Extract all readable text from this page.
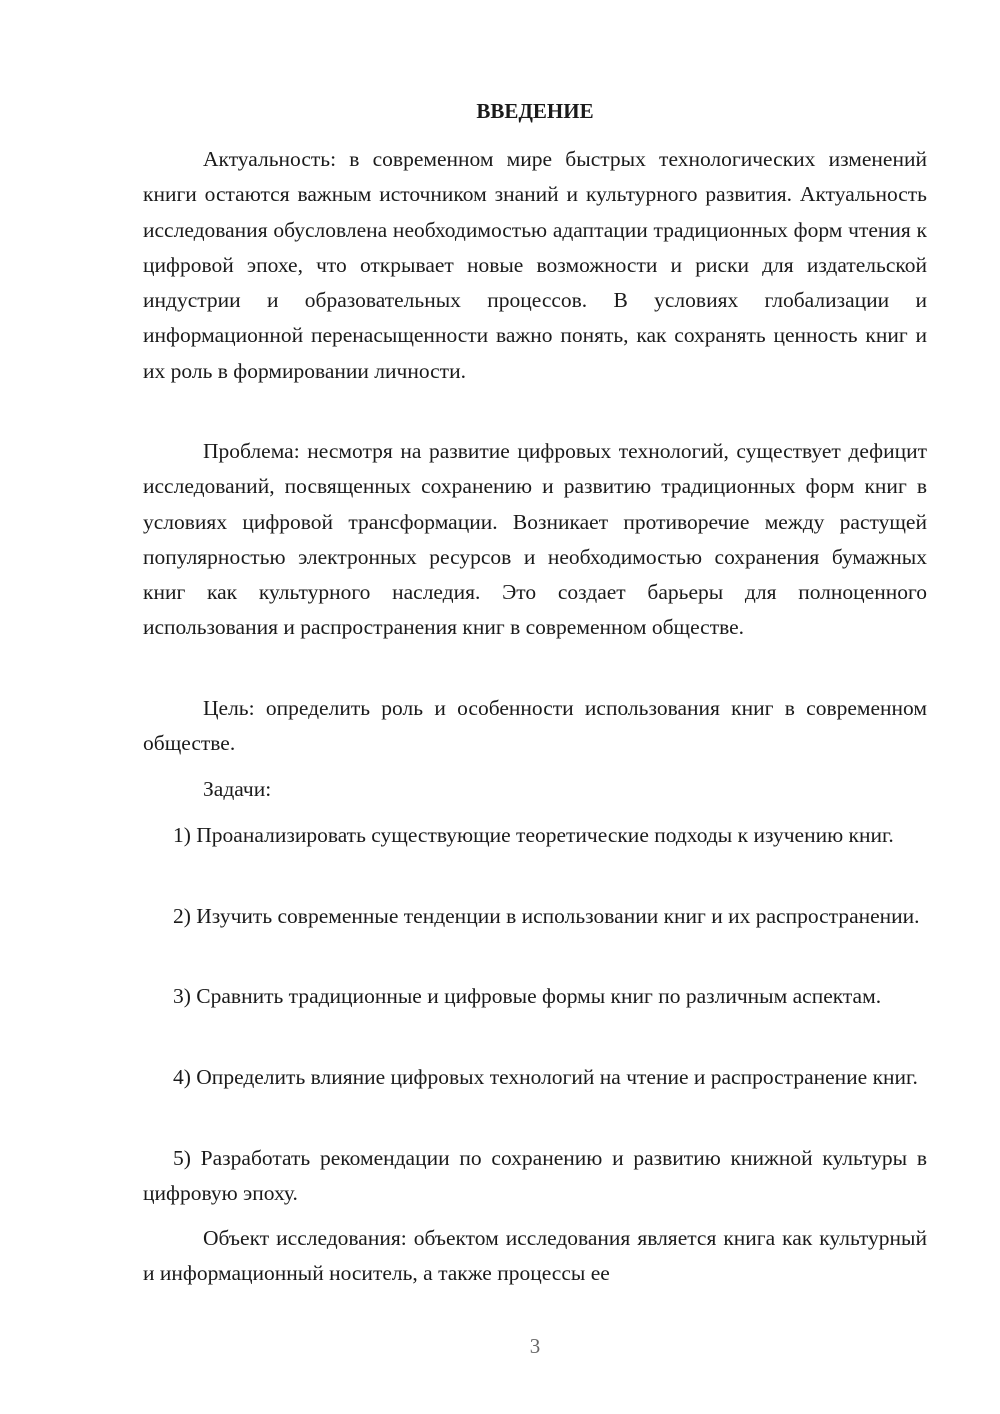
ВВЕДЕНИЕ

Актуальность: в современном мире быстрых технологических изменений книги остаются важным источником знаний и культурного развития. Актуальность исследования обусловлена необходимостью адаптации традиционных форм чтения к цифровой эпохе, что открывает новые возможности и риски для издательской индустрии и образовательных процессов. В условиях глобализации и информационной перенасыщенности важно понять, как сохранять ценность книг и их роль в формировании личности.

Проблема: несмотря на развитие цифровых технологий, существует дефицит исследований, посвященных сохранению и развитию традиционных форм книг в условиях цифровой трансформации. Возникает противоречие между растущей популярностью электронных ресурсов и необходимостью сохранения бумажных книг как культурного наследия. Это создает барьеры для полноценного использования и распространения книг в современном обществе.

Цель: определить роль и особенности использования книг в современном обществе.

Задачи:

1) Проанализировать существующие теоретические подходы к изучению книг.

2) Изучить современные тенденции в использовании книг и их распространении.

3) Сравнить традиционные и цифровые формы книг по различным аспектам.

4) Определить влияние цифровых технологий на чтение и распространение книг.

5) Разработать рекомендации по сохранению и развитию книжной культуры в цифровую эпоху.

Объект исследования: объектом исследования является книга как культурный и информационный носитель, а также процессы ее

3
